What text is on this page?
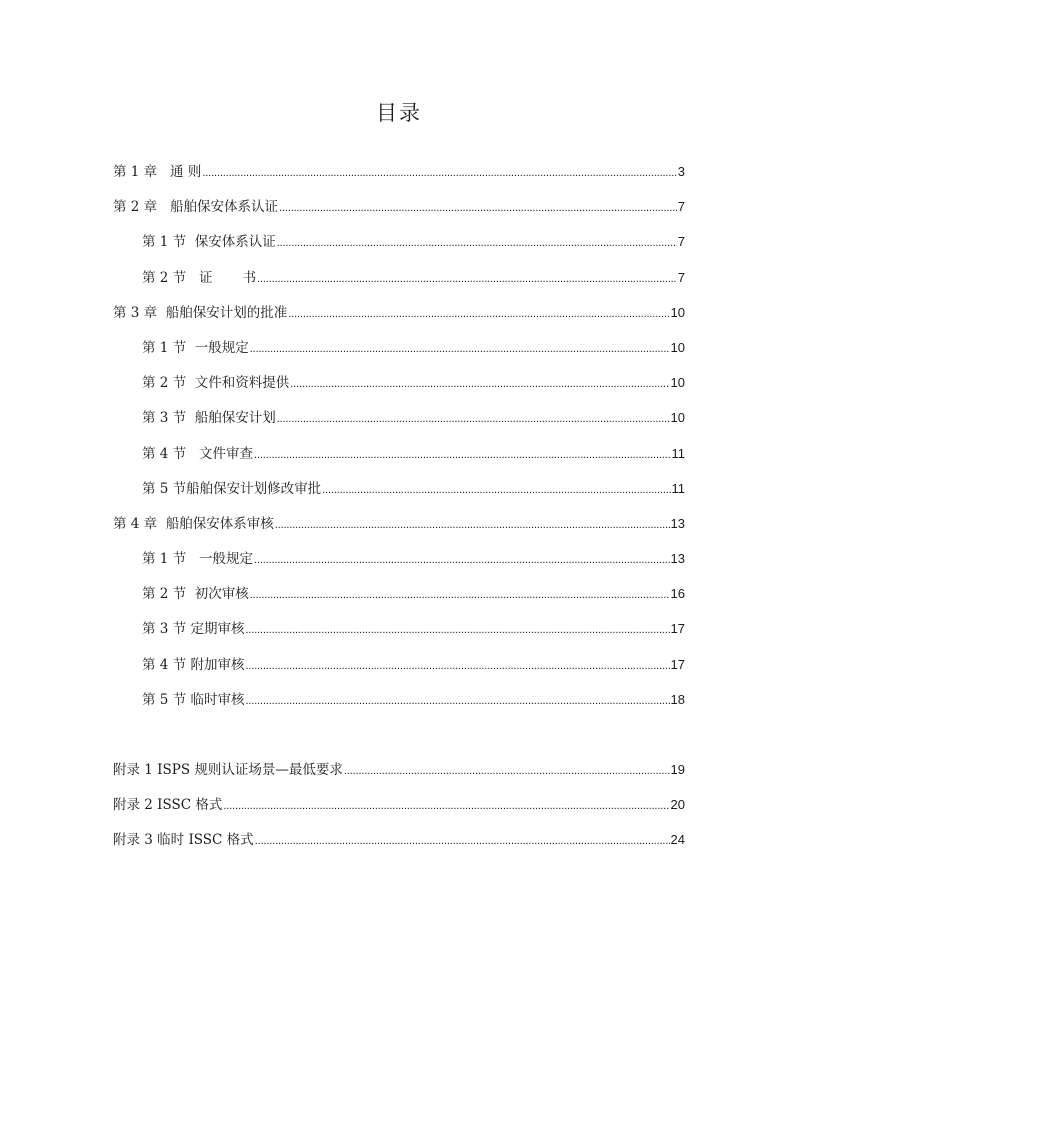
目录
第 1 章   通 则 . . .	3
第 2 章   船舶保安体系认证 . . .	7
第 1 节  保安体系认证 . . .	7
第 2 节   证       书 . . .	7
第 3 章  船舶保安计划的批准 . . .	10
第 1 节  一般规定 . . .	10
第 2 节  文件和资料提供 . . .	10
第 3 节  船舶保安计划 . . .	10
第 4 节   文件审查 . . .	11
第 5 节船舶保安计划修改审批 . . .	11
第 4 章  船舶保安体系审核 . . .	13
第 1 节   一般规定 . . .	13
第 2 节  初次审核 . . .	16
第 3 节 定期审核 . . .	17
第 4 节 附加审核 . . .	17
第 5 节 临时审核 . . .	18
附录 1 ISPS 规则认证场景—最低要求 . . .	19
附录 2 ISSC 格式 . . .	20
附录 3 临时 ISSC 格式 . . .	24
